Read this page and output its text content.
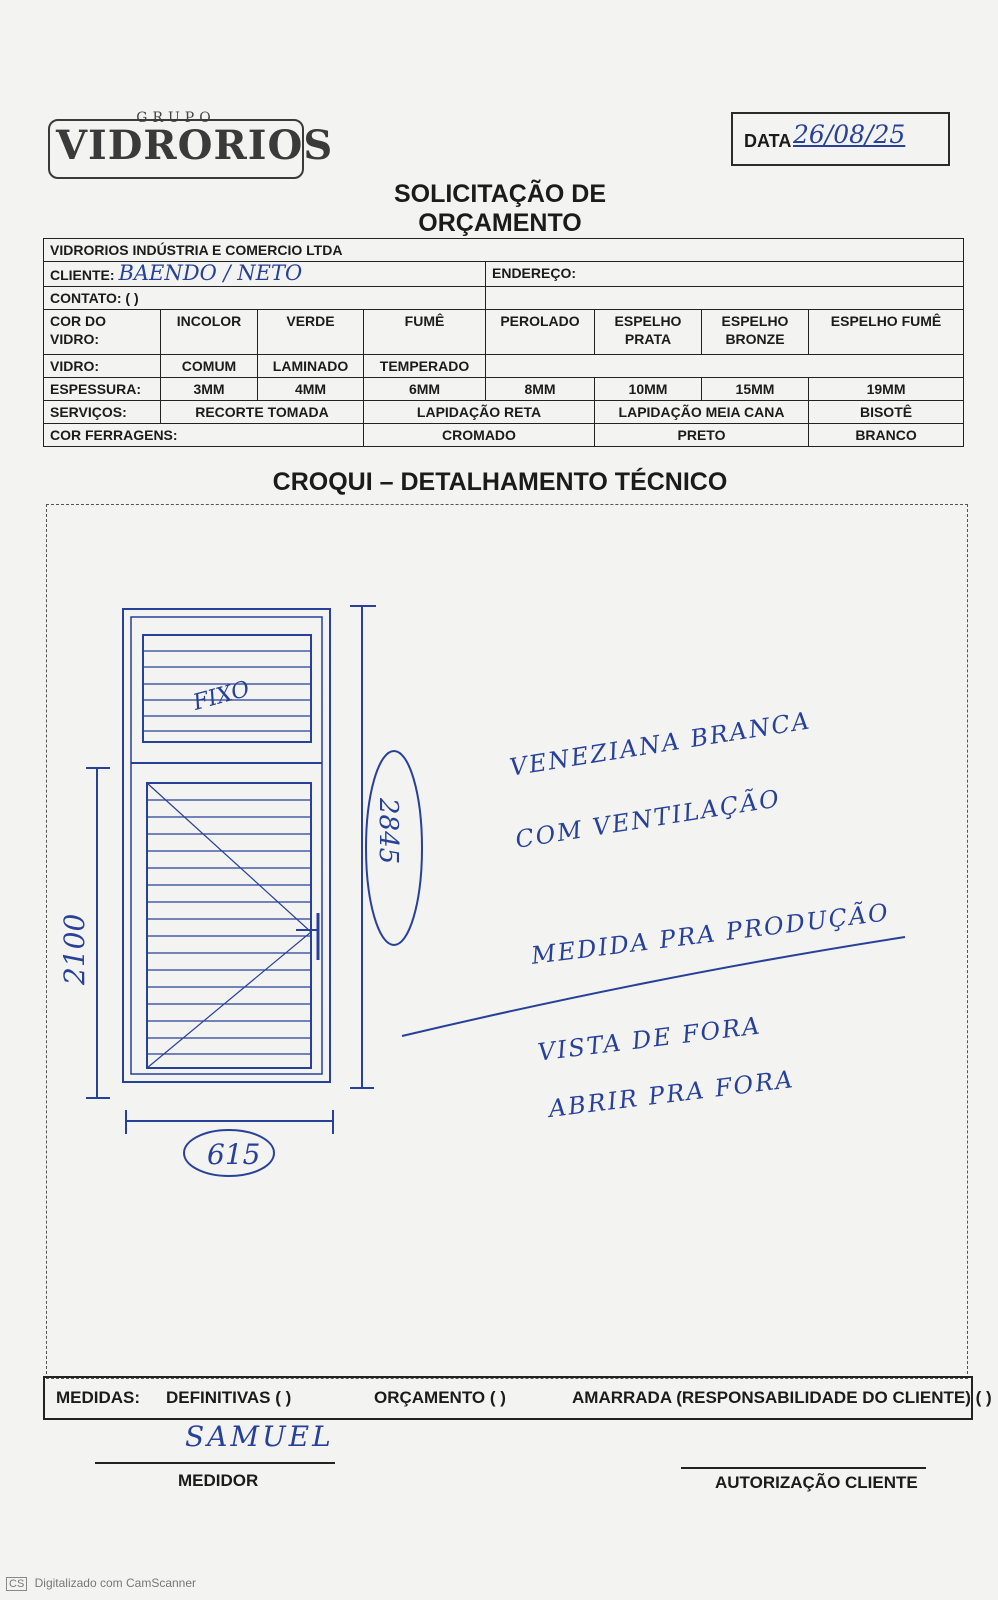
GRUPO
VIDRORIOS	DATA 26/08/25
SOLICITAÇÃO DE ORÇAMENTO
VIDRORIOS INDÚSTRIA E COMERCIO LTDA							
CLIENTE: BAENDO / NETO				ENDEREÇO:			
CONTATO: ( )							
COR DO VIDRO:	INCOLOR	VERDE	FUMÊ	PEROLADO	ESPELHO PRATA	ESPELHO BRONZE	ESPELHO FUMÊ
VIDRO:	COMUM	LAMINADO	TEMPERADO				
ESPESSURA:	3MM	4MM	6MM	8MM	10MM	15MM	19MM
SERVIÇOS:	RECORTE TOMADA		LAPIDAÇÃO RETA		LAPIDAÇÃO MEIA CANA		BISOTÊ
COR FERRAGENS:			CROMADO		PRETO		BRANCO
CROQUI – DETALHAMENTO TÉCNICO
FIXO
2100
2845
615
VENEZIANA BRANCA
COM VENTILAÇÃO
MEDIDA PRA PRODUÇÃO
VISTA DE FORA
ABRIR PRA FORA
MEDIDAS: DEFINITIVAS ( )	ORÇAMENTO ( )	AMARRADA (RESPONSABILIDADE DO CLIENTE) ( )
SAMUEL
MEDIDOR	AUTORIZAÇÃO CLIENTE
CS Digitalizado com CamScanner
